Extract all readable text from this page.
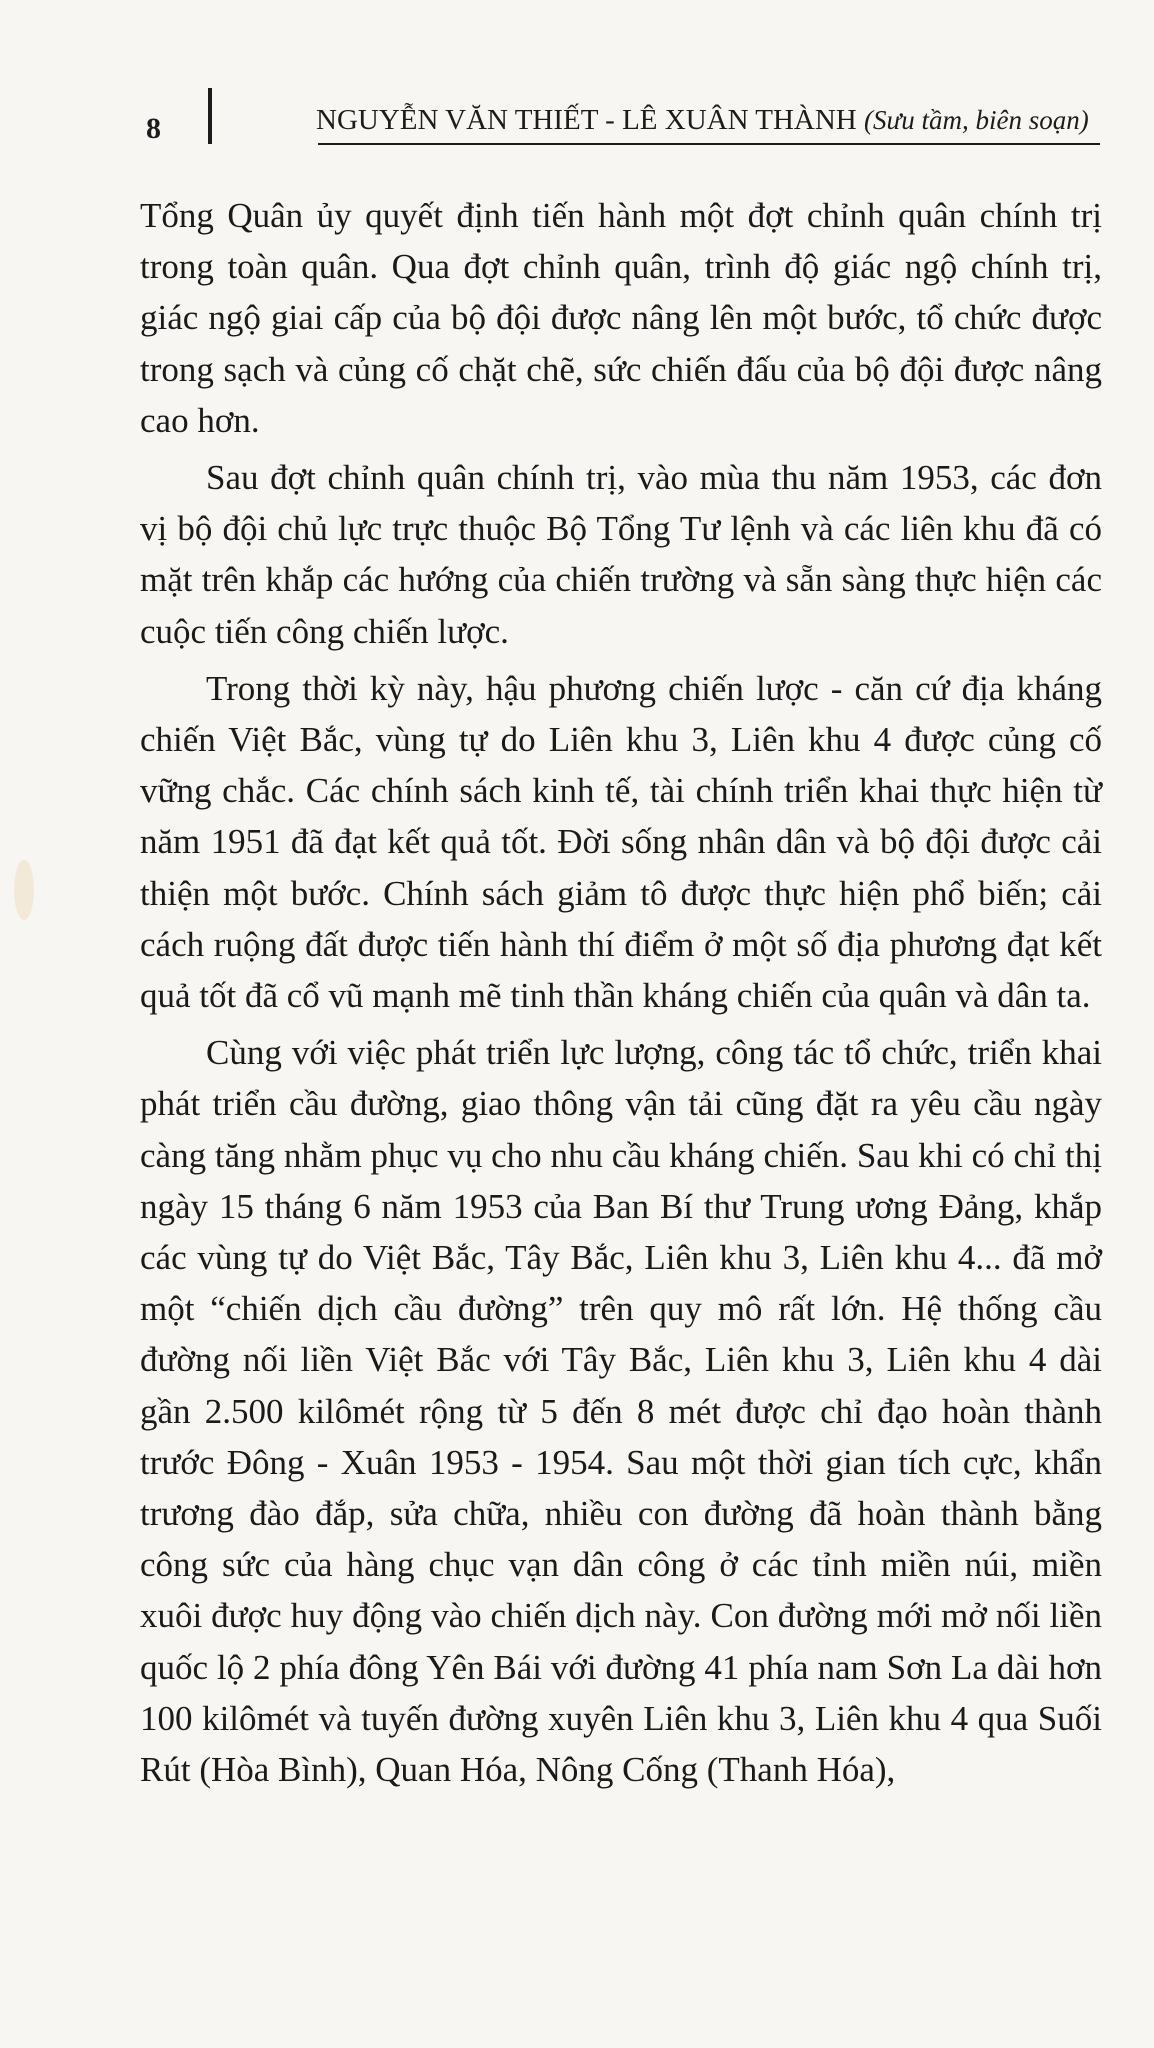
8	NGUYỄN VĂN THIẾT - LÊ XUÂN THÀNH (Sưu tầm, biên soạn)

Tổng Quân ủy quyết định tiến hành một đợt chỉnh quân chính trị trong toàn quân. Qua đợt chỉnh quân, trình độ giác ngộ chính trị, giác ngộ giai cấp của bộ đội được nâng lên một bước, tổ chức được trong sạch và củng cố chặt chẽ, sức chiến đấu của bộ đội được nâng cao hơn.

Sau đợt chỉnh quân chính trị, vào mùa thu năm 1953, các đơn vị bộ đội chủ lực trực thuộc Bộ Tổng Tư lệnh và các liên khu đã có mặt trên khắp các hướng của chiến trường và sẵn sàng thực hiện các cuộc tiến công chiến lược.

Trong thời kỳ này, hậu phương chiến lược - căn cứ địa kháng chiến Việt Bắc, vùng tự do Liên khu 3, Liên khu 4 được củng cố vững chắc. Các chính sách kinh tế, tài chính triển khai thực hiện từ năm 1951 đã đạt kết quả tốt. Đời sống nhân dân và bộ đội được cải thiện một bước. Chính sách giảm tô được thực hiện phổ biến; cải cách ruộng đất được tiến hành thí điểm ở một số địa phương đạt kết quả tốt đã cổ vũ mạnh mẽ tinh thần kháng chiến của quân và dân ta.

Cùng với việc phát triển lực lượng, công tác tổ chức, triển khai phát triển cầu đường, giao thông vận tải cũng đặt ra yêu cầu ngày càng tăng nhằm phục vụ cho nhu cầu kháng chiến. Sau khi có chỉ thị ngày 15 tháng 6 năm 1953 của Ban Bí thư Trung ương Đảng, khắp các vùng tự do Việt Bắc, Tây Bắc, Liên khu 3, Liên khu 4... đã mở một “chiến dịch cầu đường” trên quy mô rất lớn. Hệ thống cầu đường nối liền Việt Bắc với Tây Bắc, Liên khu 3, Liên khu 4 dài gần 2.500 kilômét rộng từ 5 đến 8 mét được chỉ đạo hoàn thành trước Đông - Xuân 1953 - 1954. Sau một thời gian tích cực, khẩn trương đào đắp, sửa chữa, nhiều con đường đã hoàn thành bằng công sức của hàng chục vạn dân công ở các tỉnh miền núi, miền xuôi được huy động vào chiến dịch này. Con đường mới mở nối liền quốc lộ 2 phía đông Yên Bái với đường 41 phía nam Sơn La dài hơn 100 kilômét và tuyến đường xuyên Liên khu 3, Liên khu 4 qua Suối Rút (Hòa Bình), Quan Hóa, Nông Cống (Thanh Hóa),
